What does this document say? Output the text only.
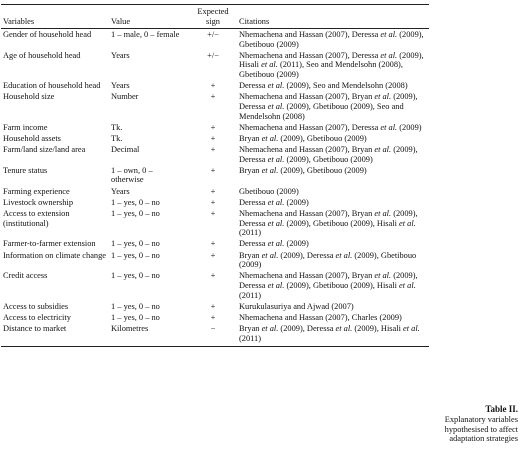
Variables	Value	Expected sign	Citations
Gender of household head	1 – male, 0 – female	+/−	Nhemachena and Hassan (2007), Deressa et al. (2009), Gbetibouo (2009)
Age of household head	Years	+/−	Nhemachena and Hassan (2007), Deressa et al. (2009), Hisali et al. (2011), Seo and Mendelsohn (2008), Gbetibouo (2009)
Education of household head	Years	+	Deressa et al. (2009), Seo and Mendelsohn (2008)
Household size	Number	+	Nhemachena and Hassan (2007), Bryan et al. (2009), Deressa et al. (2009), Gbetibouo (2009), Seo and Mendelsohn (2008)
Farm income	Tk.	+	Nhemachena and Hassan (2007), Deressa et al. (2009)
Household assets	Tk.	+	Bryan et al. (2009), Gbetibouo (2009)
Farm/land size/land area	Decimal	+	Nhemachena and Hassan (2007), Bryan et al. (2009), Deressa et al. (2009), Gbetibouo (2009)
Tenure status	1 – own, 0 – otherwise	+	Bryan et al. (2009), Gbetibouo (2009)
Farming experience	Years	+	Gbetibouo (2009)
Livestock ownership	1 – yes, 0 – no	+	Deressa et al. (2009)
Access to extension (institutional)	1 – yes, 0 – no	+	Nhemachena and Hassan (2007), Bryan et al. (2009), Deressa et al. (2009), Gbetibouo (2009), Hisali et al. (2011)
Farmer-to-farmer extension	1 – yes, 0 – no	+	Deressa et al. (2009)
Information on climate change	1 – yes, 0 – no	+	Bryan et al. (2009), Deressa et al. (2009), Gbetibouo (2009)
Credit access	1 – yes, 0 – no	+	Nhemachena and Hassan (2007), Bryan et al. (2009), Deressa et al. (2009), Gbetibouo (2009), Hisali et al. (2011)
Access to subsidies	1 – yes, 0 – no	+	Kurukulasuriya and Ajwad (2007)
Access to electricity	1 – yes, 0 – no	+	Nhemachena and Hassan (2007), Charles (2009)
Distance to market	Kilometres	−	Bryan et al. (2009), Deressa et al. (2009), Hisali et al. (2011)
Table II.
Explanatory variables hypothesised to affect adaptation strategies
